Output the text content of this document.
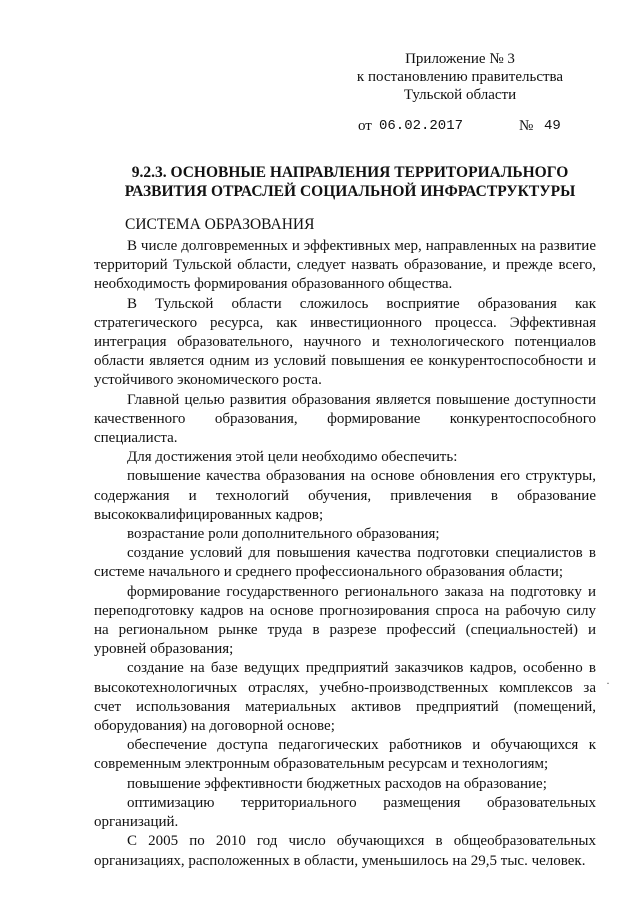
Приложение № 3
к постановлению правительства
Тульской области
от 06.02.2017	№ 49
9.2.3. ОСНОВНЫЕ НАПРАВЛЕНИЯ ТЕРРИТОРИАЛЬНОГО
РАЗВИТИЯ ОТРАСЛЕЙ СОЦИАЛЬНОЙ ИНФРАСТРУКТУРЫ
СИСТЕМА ОБРАЗОВАНИЯ

В числе долговременных и эффективных мер, направленных на развитие территорий Тульской области, следует назвать образование, и прежде всего, необходимость формирования образованного общества.

В Тульской области сложилось восприятие образования как стратегического ресурса, как инвестиционного процесса. Эффективная интеграция образовательного, научного и технологического потенциалов области является одним из условий повышения ее конкурентоспособности и устойчивого экономического роста.

Главной целью развития образования является повышение доступности качественного образования, формирование конкурентоспособного специалиста.

Для достижения этой цели необходимо обеспечить:

повышение качества образования на основе обновления его структуры, содержания и технологий обучения, привлечения в образование высококвалифицированных кадров;

возрастание роли дополнительного образования;

создание условий для повышения качества подготовки специалистов в системе начального и среднего профессионального образования области;

формирование государственного регионального заказа на подготовку и переподготовку кадров на основе прогнозирования спроса на рабочую силу на региональном рынке труда в разрезе профессий (специальностей) и уровней образования;

создание на базе ведущих предприятий заказчиков кадров, особенно в высокотехнологичных отраслях, учебно-производственных комплексов за счет использования материальных активов предприятий (помещений, оборудования) на договорной основе;

обеспечение доступа педагогических работников и обучающихся к современным электронным образовательным ресурсам и технологиям;

повышение эффективности бюджетных расходов на образование;

оптимизацию территориального размещения образовательных организаций.

С 2005 по 2010 год число обучающихся в общеобразовательных организациях, расположенных в области, уменьшилось на 29,5 тыс. человек.

·
